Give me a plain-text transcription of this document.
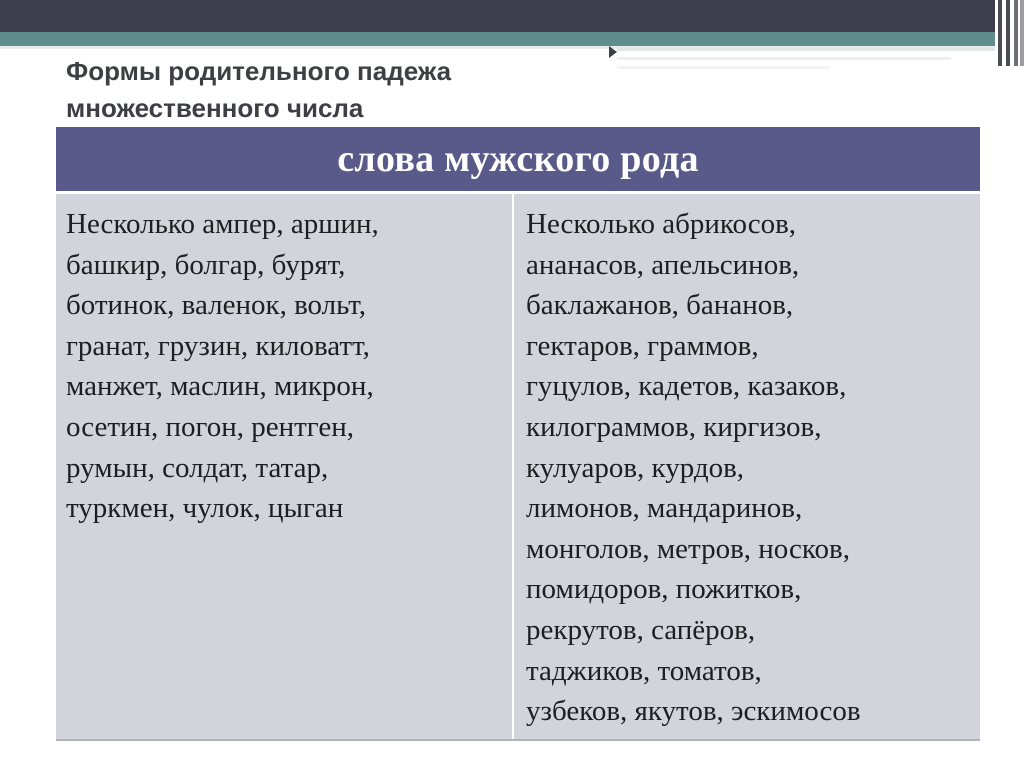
Формы родительного падежа
множественного числа
слова мужского рода
Несколько ампер, аршин,
башкир, болгар, бурят,
ботинок, валенок, вольт,
гранат, грузин, киловатт,
манжет, маслин, микрон,
осетин, погон, рентген,
румын, солдат, татар,
туркмен, чулок, цыган
Несколько абрикосов,
ананасов, апельсинов,
баклажанов, бананов,
гектаров, граммов,
гуцулов, кадетов, казаков,
килограммов, киргизов,
кулуаров, курдов,
лимонов, мандаринов,
монголов, метров, носков,
помидоров, пожитков,
рекрутов, сапёров,
таджиков, томатов,
узбеков, якутов, эскимосов
